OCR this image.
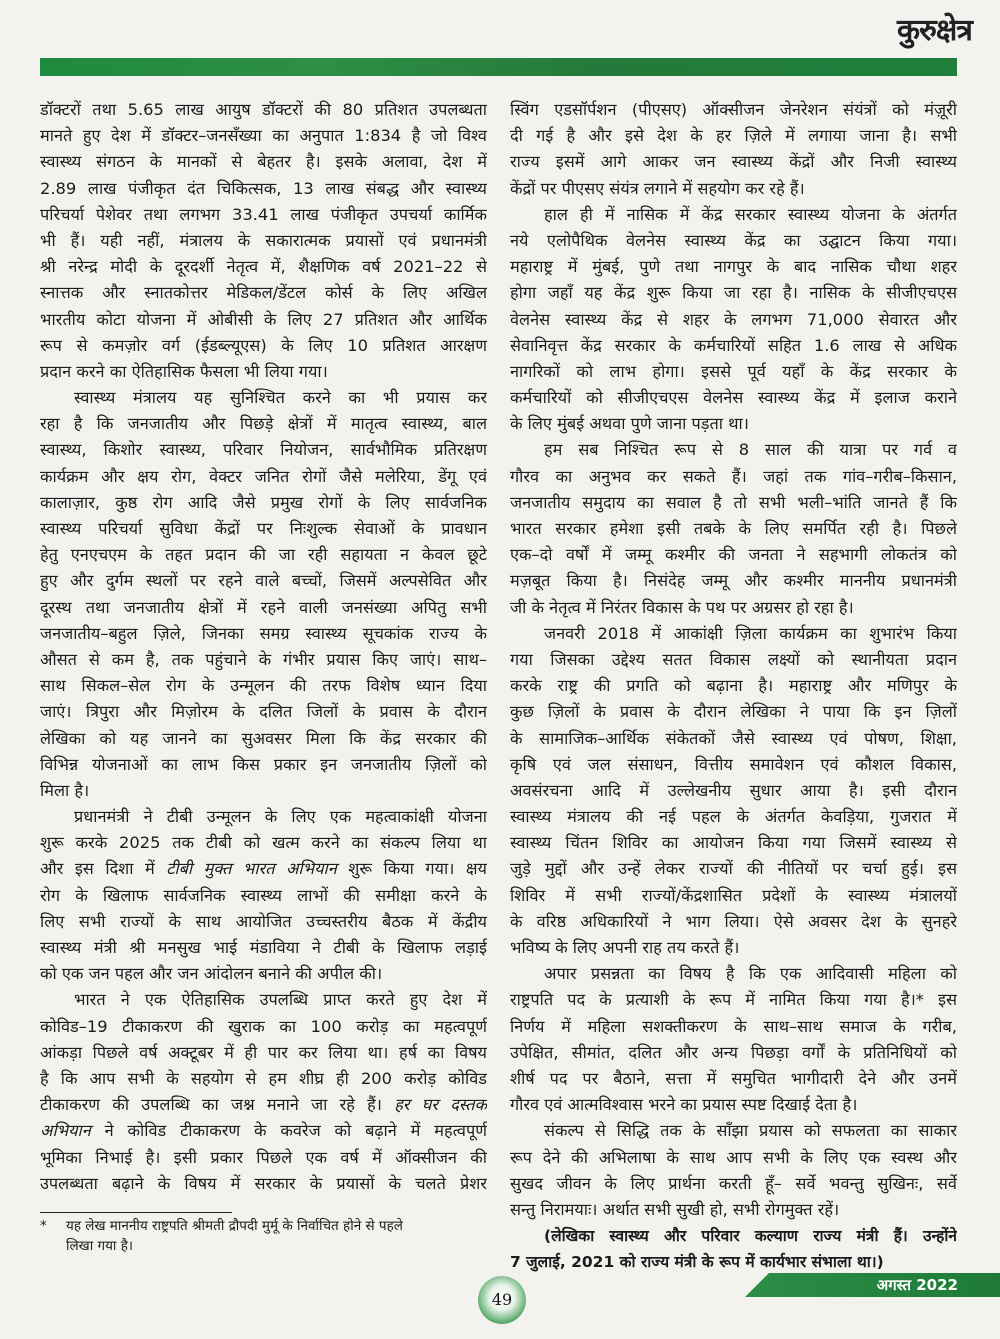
कुरुक्षेत्र
डॉक्टरों तथा 5.65 लाख आयुष डॉक्टरों की 80 प्रतिशत उपलब्धता
मानते हुए देश में डॉक्टर–जनसँख्या का अनुपात 1:834 है जो विश्व
स्वास्थ्य संगठन के मानकों से बेहतर है। इसके अलावा, देश में
2.89 लाख पंजीकृत दंत चिकित्सक, 13 लाख संबद्ध और स्वास्थ्य
परिचर्या पेशेवर तथा लगभग 33.41 लाख पंजीकृत उपचर्या कार्मिक
भी हैं। यही नहीं, मंत्रालय के सकारात्मक प्रयासों एवं प्रधानमंत्री
श्री नरेन्द्र मोदी के दूरदर्शी नेतृत्व में, शैक्षणिक वर्ष 2021–22 से
स्नात्तक और स्नातकोत्तर मेडिकल/डेंटल कोर्स के लिए अखिल
भारतीय कोटा योजना में ओबीसी के लिए 27 प्रतिशत और आर्थिक
रूप से कमज़ोर वर्ग (ईडब्ल्यूएस) के लिए 10 प्रतिशत आरक्षण
प्रदान करने का ऐतिहासिक फैसला भी लिया गया।
स्वास्थ्य मंत्रालय यह सुनिश्चित करने का भी प्रयास कर
रहा है कि जनजातीय और पिछड़े क्षेत्रों में मातृत्व स्वास्थ्य, बाल
स्वास्थ्य, किशोर स्वास्थ्य, परिवार नियोजन, सार्वभौमिक प्रतिरक्षण
कार्यक्रम और क्षय रोग, वेक्टर जनित रोगों जैसे मलेरिया, डेंगू एवं
कालाज़ार, कुष्ठ रोग आदि जैसे प्रमुख रोगों के लिए सार्वजनिक
स्वास्थ्य परिचर्या सुविधा केंद्रों पर निःशुल्क सेवाओं के प्रावधान
हेतु एनएचएम के तहत प्रदान की जा रही सहायता न केवल छूटे
हुए और दुर्गम स्थलों पर रहने वाले बच्चों, जिसमें अल्पसेवित और
दूरस्थ तथा जनजातीय क्षेत्रों में रहने वाली जनसंख्या अपितु सभी
जनजातीय–बहुल ज़िले, जिनका समग्र स्वास्थ्य सूचकांक राज्य के
औसत से कम है, तक पहुंचाने के गंभीर प्रयास किए जाएं। साथ–
साथ सिकल–सेल रोग के उन्मूलन की तरफ विशेष ध्यान दिया
जाएं। त्रिपुरा और मिज़ोरम के दलित जिलों के प्रवास के दौरान
लेखिका को यह जानने का सुअवसर मिला कि केंद्र सरकार की
विभिन्न योजनाओं का लाभ किस प्रकार इन जनजातीय ज़िलों को
मिला है।
प्रधानमंत्री ने टीबी उन्मूलन के लिए एक महत्वाकांक्षी योजना
शुरू करके 2025 तक टीबी को खत्म करने का संकल्प लिया था
और इस दिशा में टीबी मुक्त भारत अभियान शुरू किया गया। क्षय
रोग के खिलाफ सार्वजनिक स्वास्थ्य लाभों की समीक्षा करने के
लिए सभी राज्यों के साथ आयोजित उच्चस्तरीय बैठक में केंद्रीय
स्वास्थ्य मंत्री श्री मनसुख भाई मंडाविया ने टीबी के खिलाफ लड़ाई
को एक जन पहल और जन आंदोलन बनाने की अपील की।
भारत ने एक ऐतिहासिक उपलब्धि प्राप्त करते हुए देश में
कोविड–19 टीकाकरण की खुराक का 100 करोड़ का महत्वपूर्ण
आंकड़ा पिछले वर्ष अक्टूबर में ही पार कर लिया था। हर्ष का विषय
है कि आप सभी के सहयोग से हम शीघ्र ही 200 करोड़ कोविड
टीकाकरण की उपलब्धि का जश्न मनाने जा रहे हैं। हर घर दस्तक
अभियान ने कोविड टीकाकरण के कवरेज को बढ़ाने में महत्वपूर्ण
भूमिका निभाई है। इसी प्रकार पिछले एक वर्ष में ऑक्सीजन की
उपलब्धता बढ़ाने के विषय में सरकार के प्रयासों के चलते प्रेशर
स्विंग एडसॉर्पशन (पीएसए) ऑक्सीजन जेनरेशन संयंत्रों को मंज़ूरी
दी गई है और इसे देश के हर ज़िले में लगाया जाना है। सभी
राज्य इसमें आगे आकर जन स्वास्थ्य केंद्रों और निजी स्वास्थ्य
केंद्रों पर पीएसए संयंत्र लगाने में सहयोग कर रहे हैं।
हाल ही में नासिक में केंद्र सरकार स्वास्थ्य योजना के अंतर्गत
नये एलोपैथिक वेलनेस स्वास्थ्य केंद्र का उद्घाटन किया गया।
महाराष्ट्र में मुंबई, पुणे तथा नागपुर के बाद नासिक चौथा शहर
होगा जहाँ यह केंद्र शुरू किया जा रहा है। नासिक के सीजीएचएस
वेलनेस स्वास्थ्य केंद्र से शहर के लगभग 71,000 सेवारत और
सेवानिवृत्त केंद्र सरकार के कर्मचारियों सहित 1.6 लाख से अधिक
नागरिकों को लाभ होगा। इससे पूर्व यहाँ के केंद्र सरकार के
कर्मचारियों को सीजीएचएस वेलनेस स्वास्थ्य केंद्र में इलाज कराने
के लिए मुंबई अथवा पुणे जाना पड़ता था।
हम सब निश्चित रूप से 8 साल की यात्रा पर गर्व व
गौरव का अनुभव कर सकते हैं। जहां तक गांव–गरीब–किसान,
जनजातीय समुदाय का सवाल है तो सभी भली–भांति जानते हैं कि
भारत सरकार हमेशा इसी तबके के लिए समर्पित रही है। पिछले
एक–दो वर्षों में जम्मू कश्मीर की जनता ने सहभागी लोकतंत्र को
मज़बूत किया है। निसंदेह जम्मू और कश्मीर माननीय प्रधानमंत्री
जी के नेतृत्व में निरंतर विकास के पथ पर अग्रसर हो रहा है।
जनवरी 2018 में आकांक्षी ज़िला कार्यक्रम का शुभारंभ किया
गया जिसका उद्देश्य सतत विकास लक्ष्यों को स्थानीयता प्रदान
करके राष्ट्र की प्रगति को बढ़ाना है। महाराष्ट्र और मणिपुर के
कुछ ज़िलों के प्रवास के दौरान लेखिका ने पाया कि इन ज़िलों
के सामाजिक–आर्थिक संकेतकों जैसे स्वास्थ्य एवं पोषण, शिक्षा,
कृषि एवं जल संसाधन, वित्तीय समावेशन एवं कौशल विकास,
अवसंरचना आदि में उल्लेखनीय सुधार आया है। इसी दौरान
स्वास्थ्य मंत्रालय की नई पहल के अंतर्गत केवड़िया, गुजरात में
स्वास्थ्य चिंतन शिविर का आयोजन किया गया जिसमें स्वास्थ्य से
जुड़े मुद्दों और उन्हें लेकर राज्यों की नीतियों पर चर्चा हुई। इस
शिविर में सभी राज्यों/केंद्रशासित प्रदेशों के स्वास्थ्य मंत्रालयों
के वरिष्ठ अधिकारियों ने भाग लिया। ऐसे अवसर देश के सुनहरे
भविष्य के लिए अपनी राह तय करते हैं।
अपार प्रसन्नता का विषय है कि एक आदिवासी महिला को
राष्ट्रपति पद के प्रत्याशी के रूप में नामित किया गया है।* इस
निर्णय में महिला सशक्तीकरण के साथ–साथ समाज के गरीब,
उपेक्षित, सीमांत, दलित और अन्य पिछड़ा वर्गों के प्रतिनिधियों को
शीर्ष पद पर बैठाने, सत्ता में समुचित भागीदारी देने और उनमें
गौरव एवं आत्मविश्वास भरने का प्रयास स्पष्ट दिखाई देता है।
संकल्प से सिद्धि तक के साँझा प्रयास को सफलता का साकार
रूप देने की अभिलाषा के साथ आप सभी के लिए एक स्वस्थ और
सुखद जीवन के लिए प्रार्थना करती हूँ– सर्वे भवन्तु सुखिनः, सर्वे
सन्तु निरामयाः। अर्थात सभी सुखी हो, सभी रोगमुक्त रहें।
(लेखिका स्वास्थ्य और परिवार कल्याण राज्य मंत्री हैं। उन्होंने
7 जुलाई, 2021 को राज्य मंत्री के रूप में कार्यभार संभाला था।)
*	यह लेख माननीय राष्ट्रपति श्रीमती द्रौपदी मुर्मू के निर्वाचित होने से पहले
लिखा गया है।
49
अगस्त 2022
